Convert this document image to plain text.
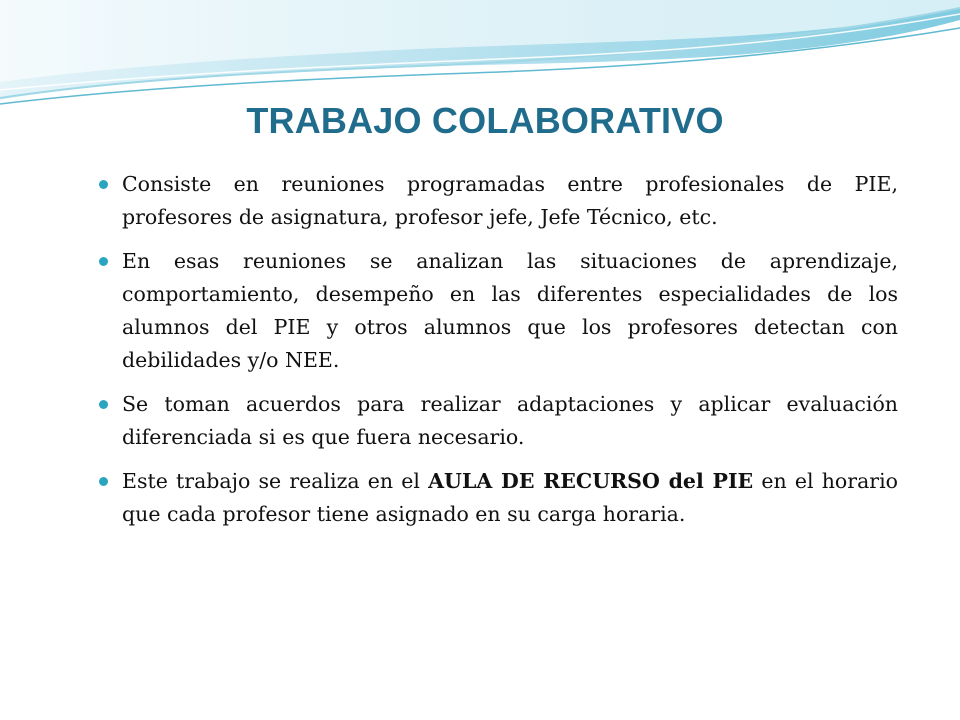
TRABAJO COLABORATIVO
Consiste en reuniones programadas entre profesionales de PIE, profesores de asignatura, profesor jefe, Jefe Técnico, etc.
En esas reuniones se analizan las situaciones de aprendizaje, comportamiento, desempeño en las diferentes especialidades de los alumnos del PIE y otros alumnos que los profesores detectan con debilidades y/o NEE.
Se toman acuerdos para realizar adaptaciones y aplicar evaluación diferenciada si es que fuera necesario.
Este trabajo se realiza en el AULA DE RECURSO del PIE en el horario que cada profesor tiene asignado en su carga horaria.
